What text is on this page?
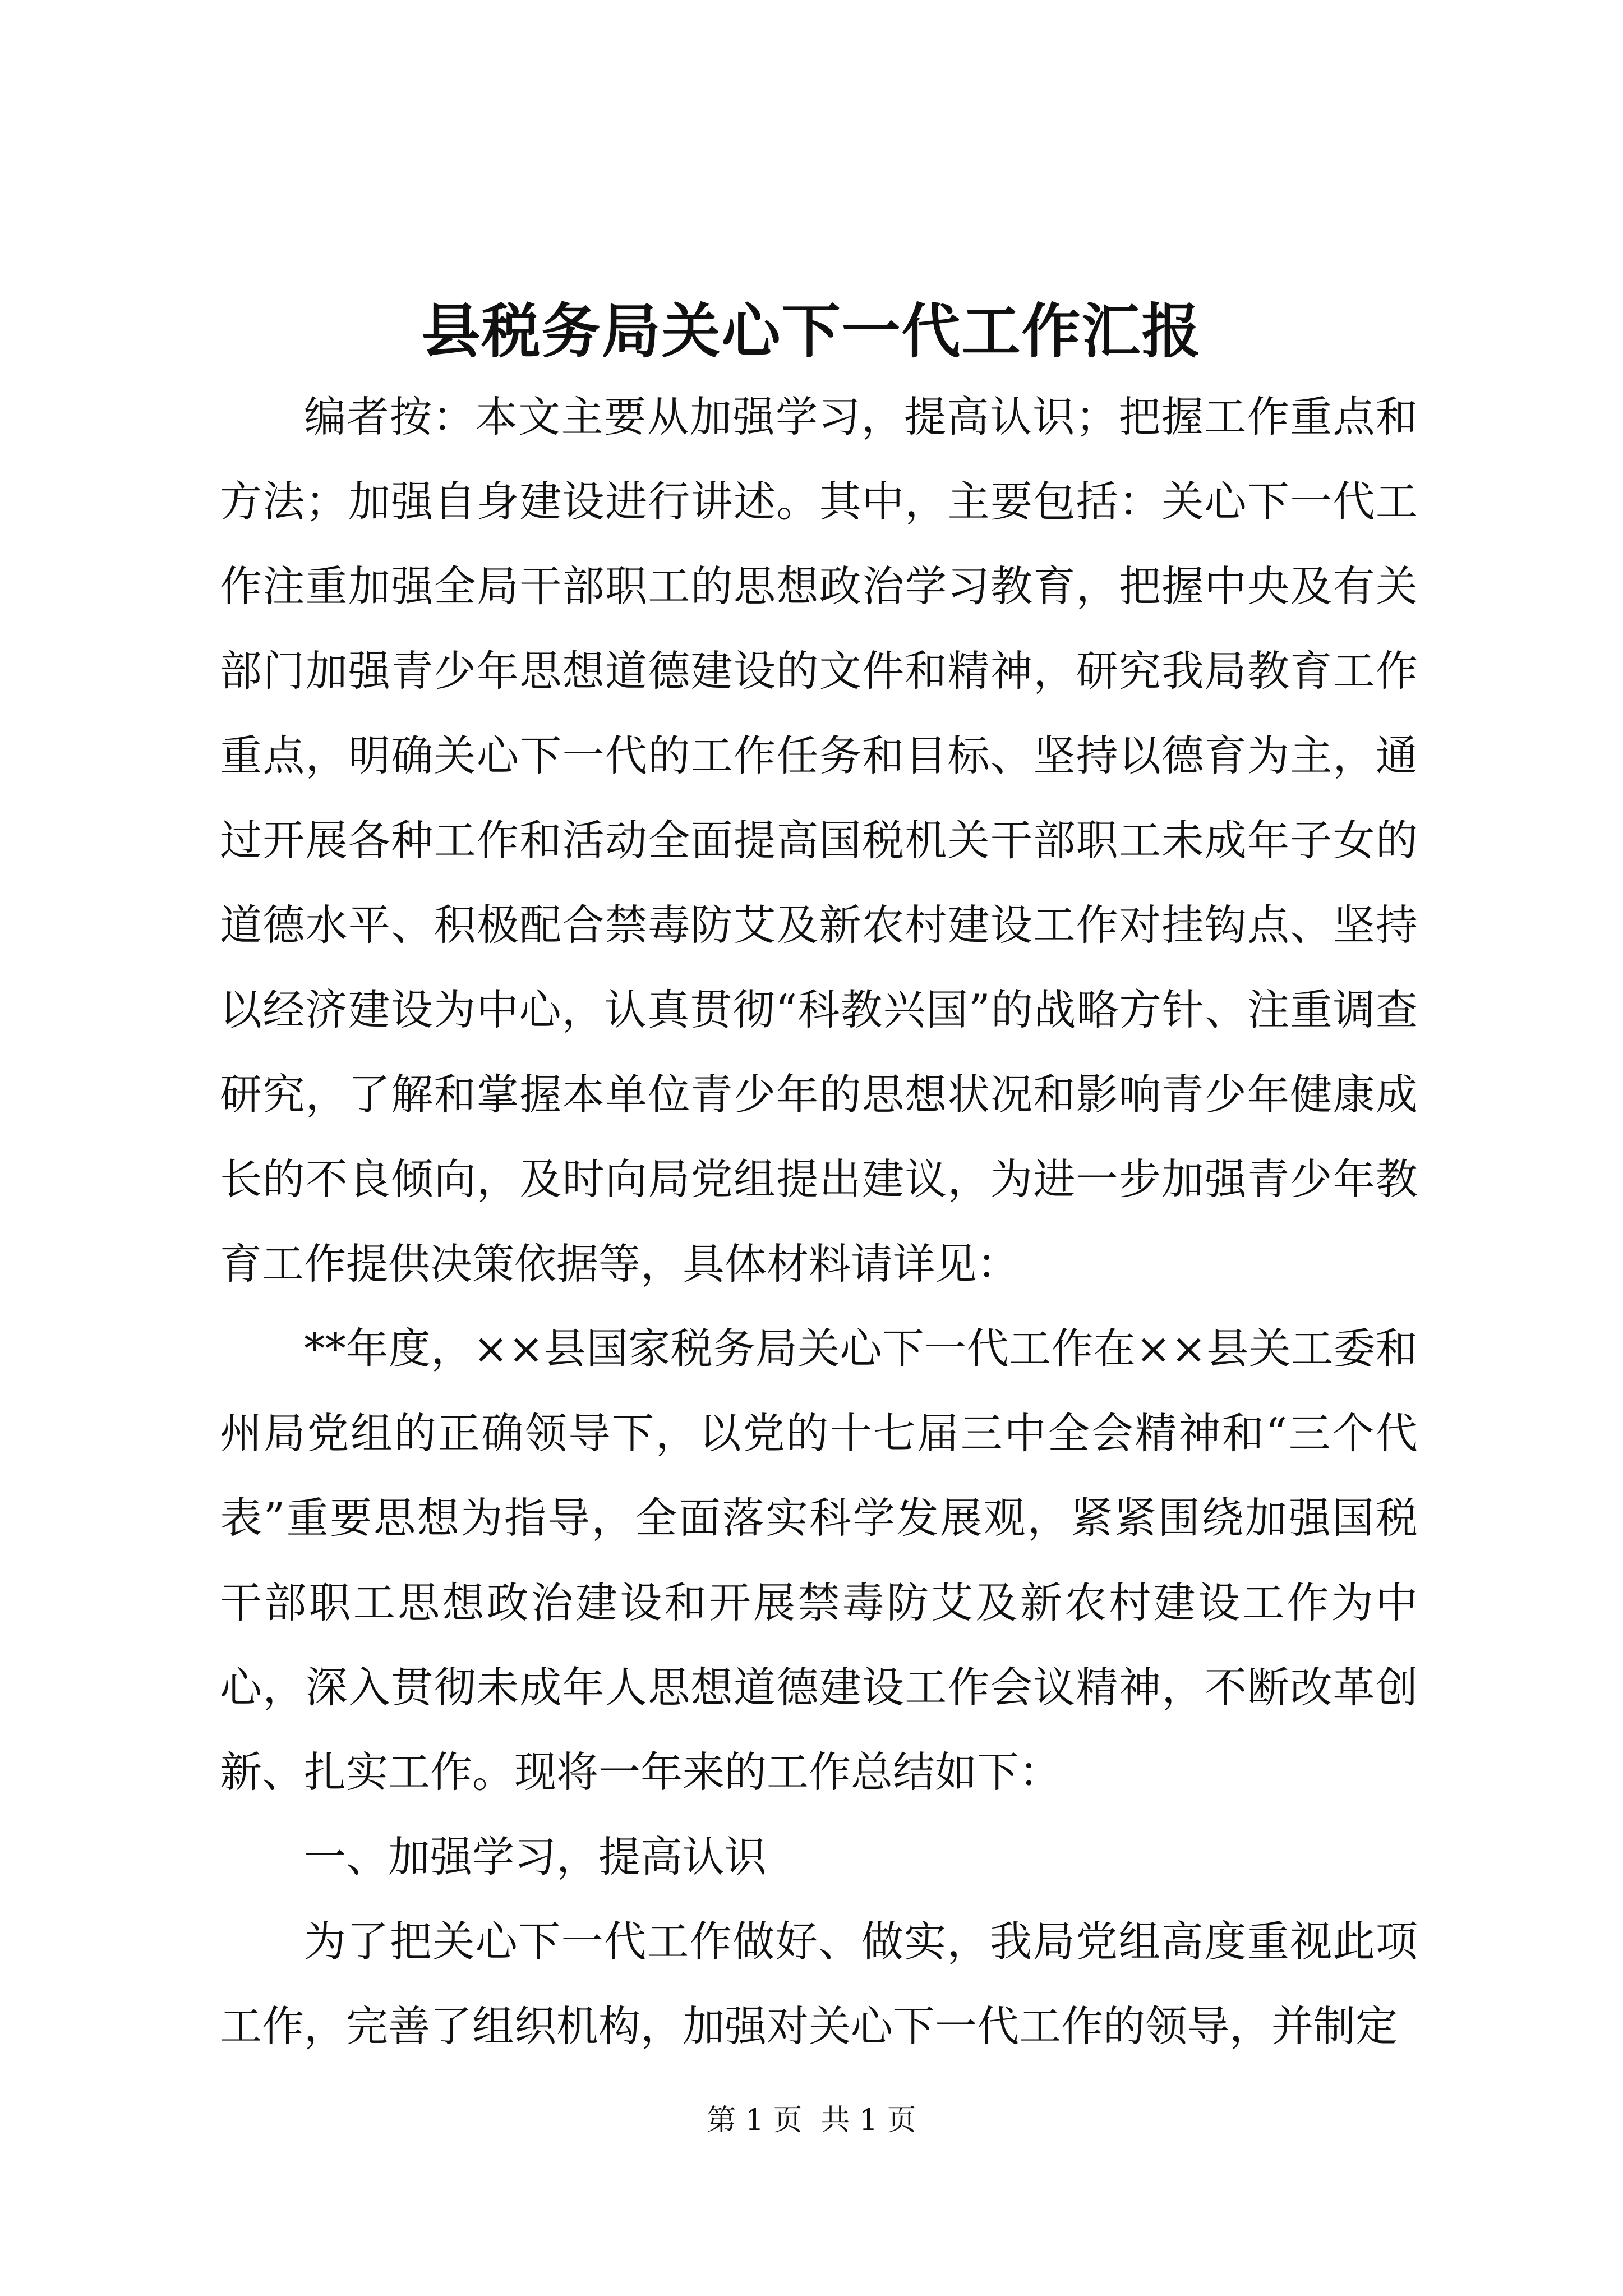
县税务局关心下一代工作汇报

编者按：本文主要从加强学习，提高认识；把握工作重点和方法；加强自身建设进行讲述。其中，主要包括：关心下一代工作注重加强全局干部职工的思想政治学习教育，把握中央及有关部门加强青少年思想道德建设的文件和精神，研究我局教育工作重点，明确关心下一代的工作任务和目标、坚持以德育为主，通过开展各种工作和活动全面提高国税机关干部职工未成年子女的道德水平、积极配合禁毒防艾及新农村建设工作对挂钩点、坚持以经济建设为中心，认真贯彻“科教兴国”的战略方针、注重调查研究，了解和掌握本单位青少年的思想状况和影响青少年健康成长的不良倾向，及时向局党组提出建议，为进一步加强青少年教育工作提供决策依据等，具体材料请详见：

**年度，××县国家税务局关心下一代工作在××县关工委和州局党组的正确领导下，以党的十七届三中全会精神和“三个代表”重要思想为指导，全面落实科学发展观，紧紧围绕加强国税干部职工思想政治建设和开展禁毒防艾及新农村建设工作为中心，深入贯彻未成年人思想道德建设工作会议精神，不断改革创新、扎实工作。现将一年来的工作总结如下：

一、加强学习，提高认识

为了把关心下一代工作做好、做实，我局党组高度重视此项工作，完善了组织机构，加强对关心下一代工作的领导，并制定

第 1 页  共 1 页
